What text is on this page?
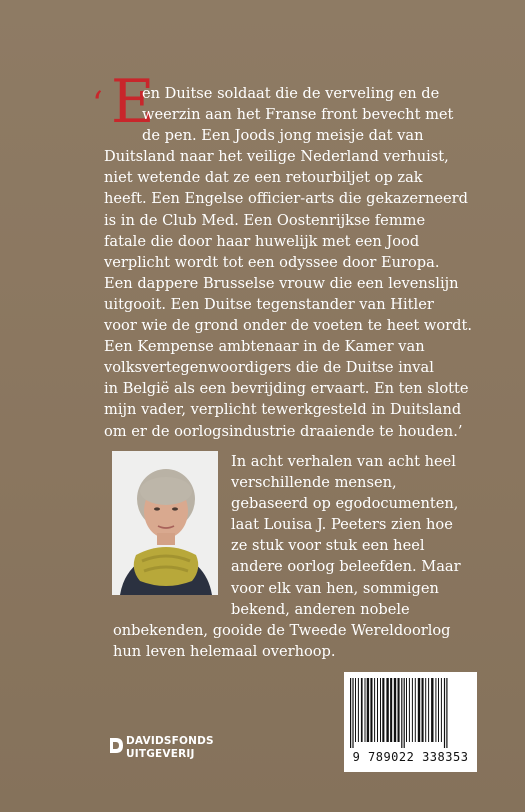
‘ E
en Duitse soldaat die de verveling en de
weerzin aan het Franse front bevecht met
de pen. Een Joods jong meisje dat van
Duitsland naar het veilige Nederland verhuist,
niet wetende dat ze een retourbiljet op zak
heeft. Een Engelse officier-arts die gekazerneerd
is in de Club Med. Een Oostenrijkse femme
fatale die door haar huwelijk met een Jood
verplicht wordt tot een odyssee door Europa.
Een dappere Brusselse vrouw die een levenslijn
uitgooit. Een Duitse tegenstander van Hitler
voor wie de grond onder de voeten te heet wordt.
Een Kempense ambtenaar in de Kamer van
volksvertegenwoordigers die de Duitse inval
in België als een bevrijding ervaart. En ten slotte
mijn vader, verplicht tewerkgesteld in Duitsland
om er de oorlogsindustrie draaiende te houden.’
In acht verhalen van acht heel
verschillende mensen,
gebaseerd op egodocumenten,
laat Louisa J. Peeters zien hoe
ze stuk voor stuk een heel
andere oorlog beleefden. Maar
voor elk van hen, sommigen
bekend, anderen nobele
onbekenden, gooide de Tweede Wereldoorlog
hun leven helemaal overhoop.
DAVIDSFONDS
UITGEVERIJ	9 789022 338353
